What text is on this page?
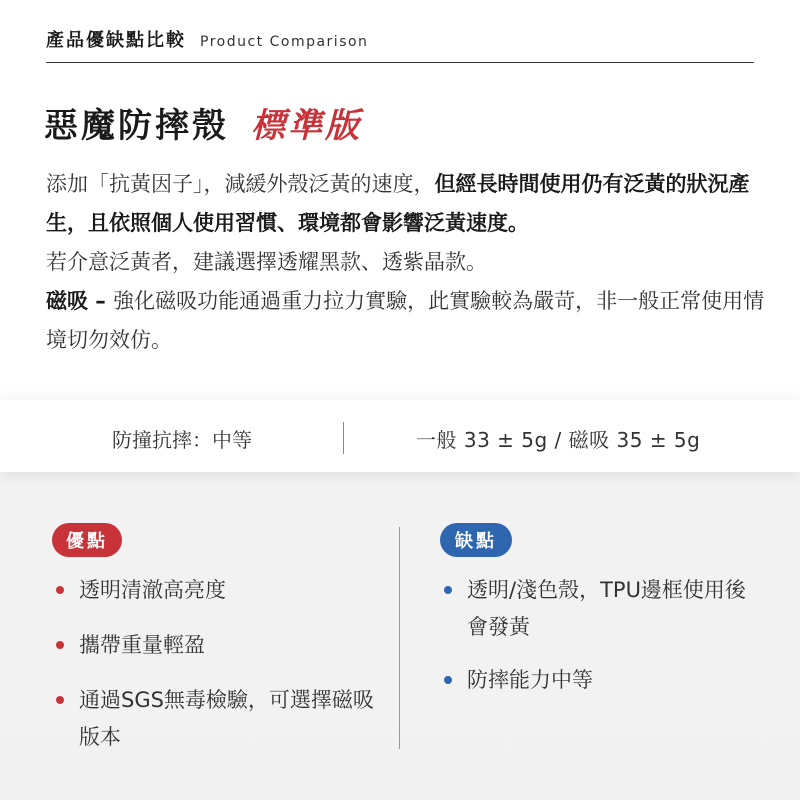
產品優缺點比較 Product Comparison
惡魔防摔殼 標準版

添加「抗黃因子」，減緩外殼泛黃的速度，但經長時間使用仍有泛黃的狀況產生，且依照個人使用習慣、環境都會影響泛黃速度。

若介意泛黃者，建議選擇透耀黑款、透紫晶款。

磁吸 – 強化磁吸功能通過重力拉力實驗，此實驗較為嚴苛，非一般正常使用情境切勿效仿。

防撞抗摔：中等	一般 33 ± 5g / 磁吸 35 ± 5g
優點	缺點
透明清澈高亮度
攜帶重量輕盈
通過SGS無毒檢驗，可選擇磁吸版本
透明/淺色殼，TPU邊框使用後會發黃
防摔能力中等
